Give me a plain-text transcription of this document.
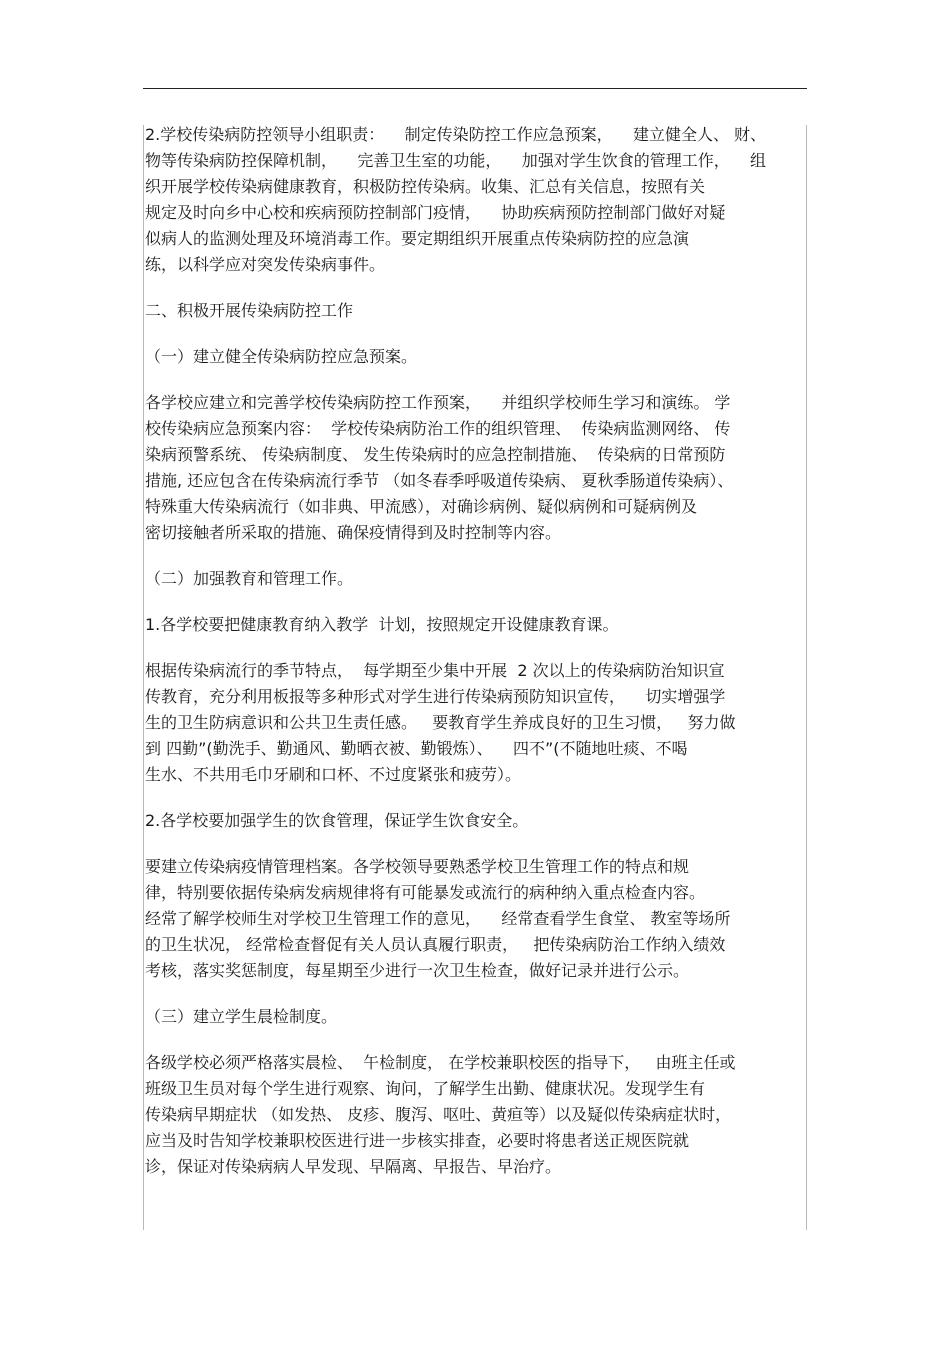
2.学校传染病防控领导小组职责：    制定传染防控工作应急预案，    建立健全人、 财、
物等传染病防控保障机制，    完善卫生室的功能，    加强对学生饮食的管理工作，    组
织开展学校传染病健康教育，积极防控传染病。收集、汇总有关信息，按照有关
规定及时向乡中心校和疾病预防控制部门疫情，    协助疾病预防控制部门做好对疑
似病人的监测处理及环境消毒工作。要定期组织开展重点传染病防控的应急演
练，以科学应对突发传染病事件。

二、积极开展传染病防控工作

（一）建立健全传染病防控应急预案。

各学校应建立和完善学校传染病防控工作预案，    并组织学校师生学习和演练。 学
校传染病应急预案内容：  学校传染病防治工作的组织管理、  传染病监测网络、 传
染病预警系统、 传染病制度、 发生传染病时的应急控制措施、  传染病的日常预防
措施, 还应包含在传染病流行季节 （如冬春季呼吸道传染病、 夏秋季肠道传染病）、
特殊重大传染病流行（如非典、甲流感），对确诊病例、疑似病例和可疑病例及
密切接触者所采取的措施、确保疫情得到及时控制等内容。

（二）加强教育和管理工作。

1.各学校要把健康教育纳入教学  计划，按照规定开设健康教育课。

根据传染病流行的季节特点，  每学期至少集中开展  2 次以上的传染病防治知识宣
传教育，充分利用板报等多种形式对学生进行传染病预防知识宣传，    切实增强学
生的卫生防病意识和公共卫生责任感。   要教育学生养成良好的卫生习惯，   努力做
到 四勤”(勤洗手、勤通风、勤晒衣被、勤锻炼）、    四不”(不随地吐痰、不喝
生水、不共用毛巾牙刷和口杯、不过度紧张和疲劳）。

2.各学校要加强学生的饮食管理，保证学生饮食安全。

要建立传染病疫情管理档案。各学校领导要熟悉学校卫生管理工作的特点和规
律，特别要依据传染病发病规律将有可能暴发或流行的病种纳入重点检查内容。
经常了解学校师生对学校卫生管理工作的意见，    经常查看学生食堂、 教室等场所
的卫生状况， 经常检查督促有关人员认真履行职责，   把传染病防治工作纳入绩效
考核，落实奖惩制度，每星期至少进行一次卫生检查，做好记录并进行公示。

（三）建立学生晨检制度。

各级学校必须严格落实晨检、  午检制度， 在学校兼职校医的指导下，   由班主任或
班级卫生员对每个学生进行观察、询问，了解学生出勤、健康状况。发现学生有
传染病早期症状 （如发热、 皮疹、腹泻、呕吐、黄疸等）以及疑似传染病症状时，
应当及时告知学校兼职校医进行进一步核实排查，必要时将患者送正规医院就
诊，保证对传染病病人早发现、早隔离、早报告、早治疗。
